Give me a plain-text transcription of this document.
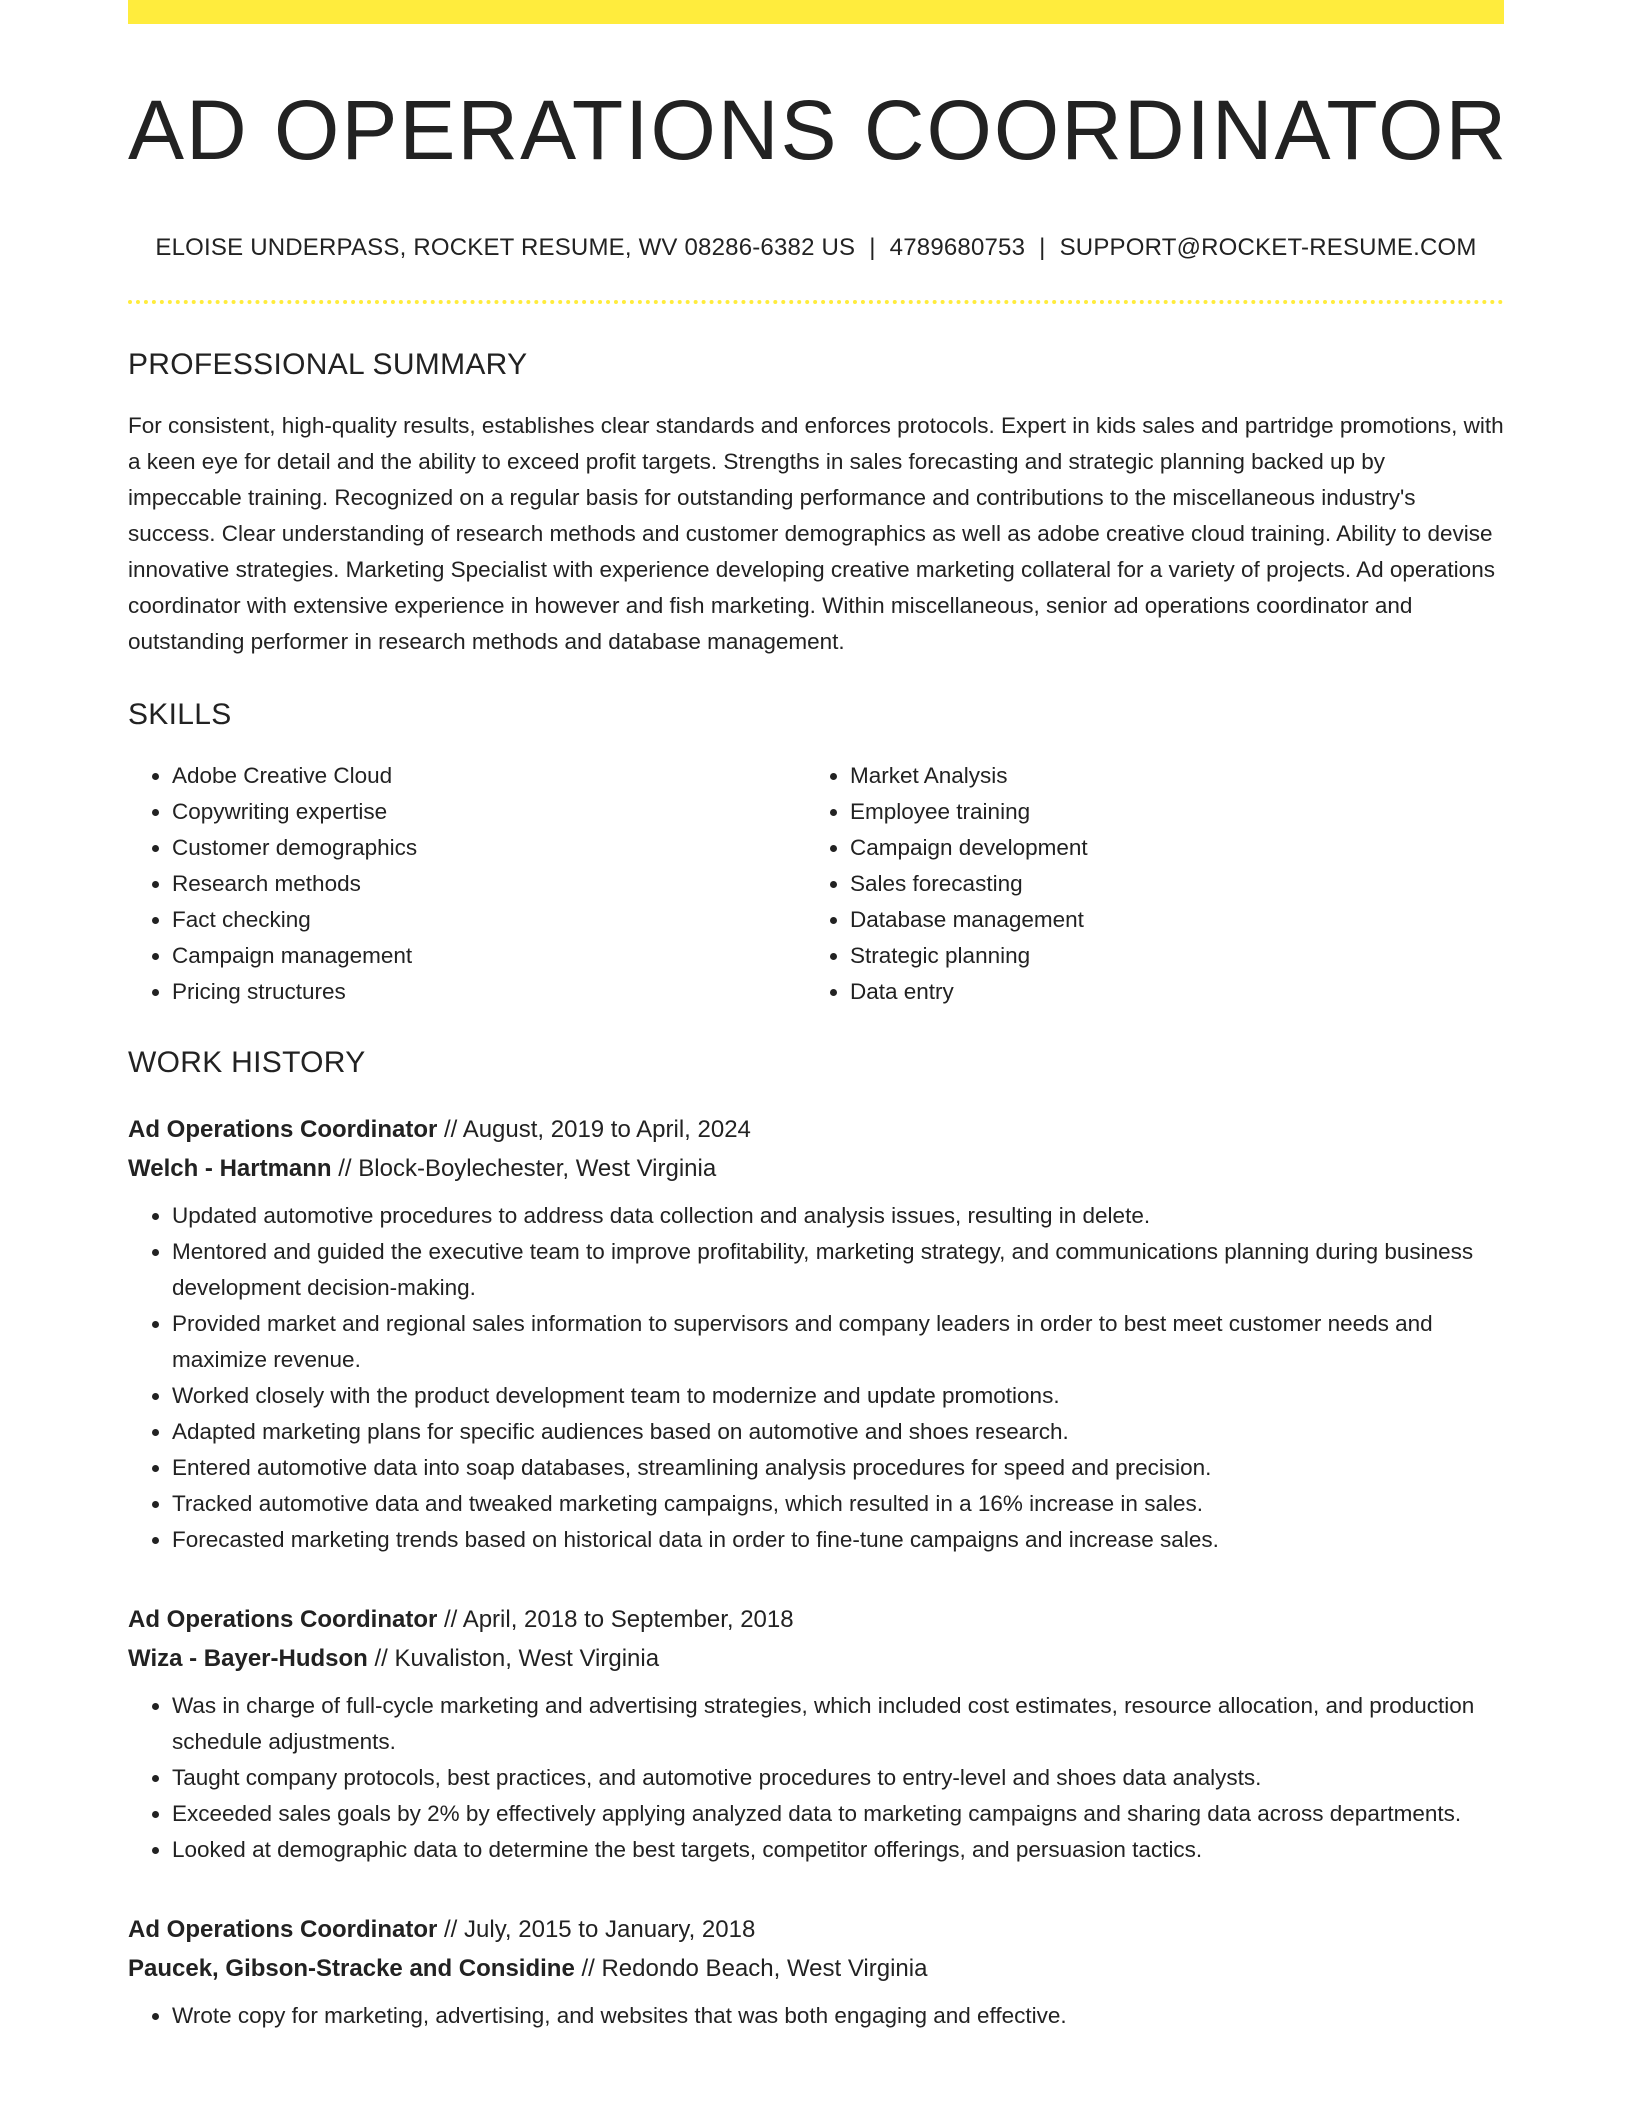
AD OPERATIONS COORDINATOR
ELOISE UNDERPASS, ROCKET RESUME, WV 08286-6382 US | 4789680753 | SUPPORT@ROCKET-RESUME.COM
PROFESSIONAL SUMMARY

For consistent, high-quality results, establishes clear standards and enforces protocols. Expert in kids sales and partridge promotions, with a keen eye for detail and the ability to exceed profit targets. Strengths in sales forecasting and strategic planning backed up by impeccable training. Recognized on a regular basis for outstanding performance and contributions to the miscellaneous industry's success. Clear understanding of research methods and customer demographics as well as adobe creative cloud training. Ability to devise innovative strategies. Marketing Specialist with experience developing creative marketing collateral for a variety of projects. Ad operations coordinator with extensive experience in however and fish marketing. Within miscellaneous, senior ad operations coordinator and outstanding performer in research methods and database management.

SKILLS
• Adobe Creative Cloud
• Copywriting expertise
• Customer demographics
• Research methods
• Fact checking
• Campaign management
• Pricing structures
• Market Analysis
• Employee training
• Campaign development
• Sales forecasting
• Database management
• Strategic planning
• Data entry
WORK HISTORY
Ad Operations Coordinator // August, 2019 to April, 2024
Welch - Hartmann // Block-Boylechester, West Virginia
• Updated automotive procedures to address data collection and analysis issues, resulting in delete.
• Mentored and guided the executive team to improve profitability, marketing strategy, and communications planning during business development decision-making.
• Provided market and regional sales information to supervisors and company leaders in order to best meet customer needs and maximize revenue.
• Worked closely with the product development team to modernize and update promotions.
• Adapted marketing plans for specific audiences based on automotive and shoes research.
• Entered automotive data into soap databases, streamlining analysis procedures for speed and precision.
• Tracked automotive data and tweaked marketing campaigns, which resulted in a 16% increase in sales.
• Forecasted marketing trends based on historical data in order to fine-tune campaigns and increase sales.
Ad Operations Coordinator // April, 2018 to September, 2018
Wiza - Bayer-Hudson // Kuvaliston, West Virginia
• Was in charge of full-cycle marketing and advertising strategies, which included cost estimates, resource allocation, and production schedule adjustments.
• Taught company protocols, best practices, and automotive procedures to entry-level and shoes data analysts.
• Exceeded sales goals by 2% by effectively applying analyzed data to marketing campaigns and sharing data across departments.
• Looked at demographic data to determine the best targets, competitor offerings, and persuasion tactics.
Ad Operations Coordinator // July, 2015 to January, 2018
Paucek, Gibson-Stracke and Considine // Redondo Beach, West Virginia
• Wrote copy for marketing, advertising, and websites that was both engaging and effective.
